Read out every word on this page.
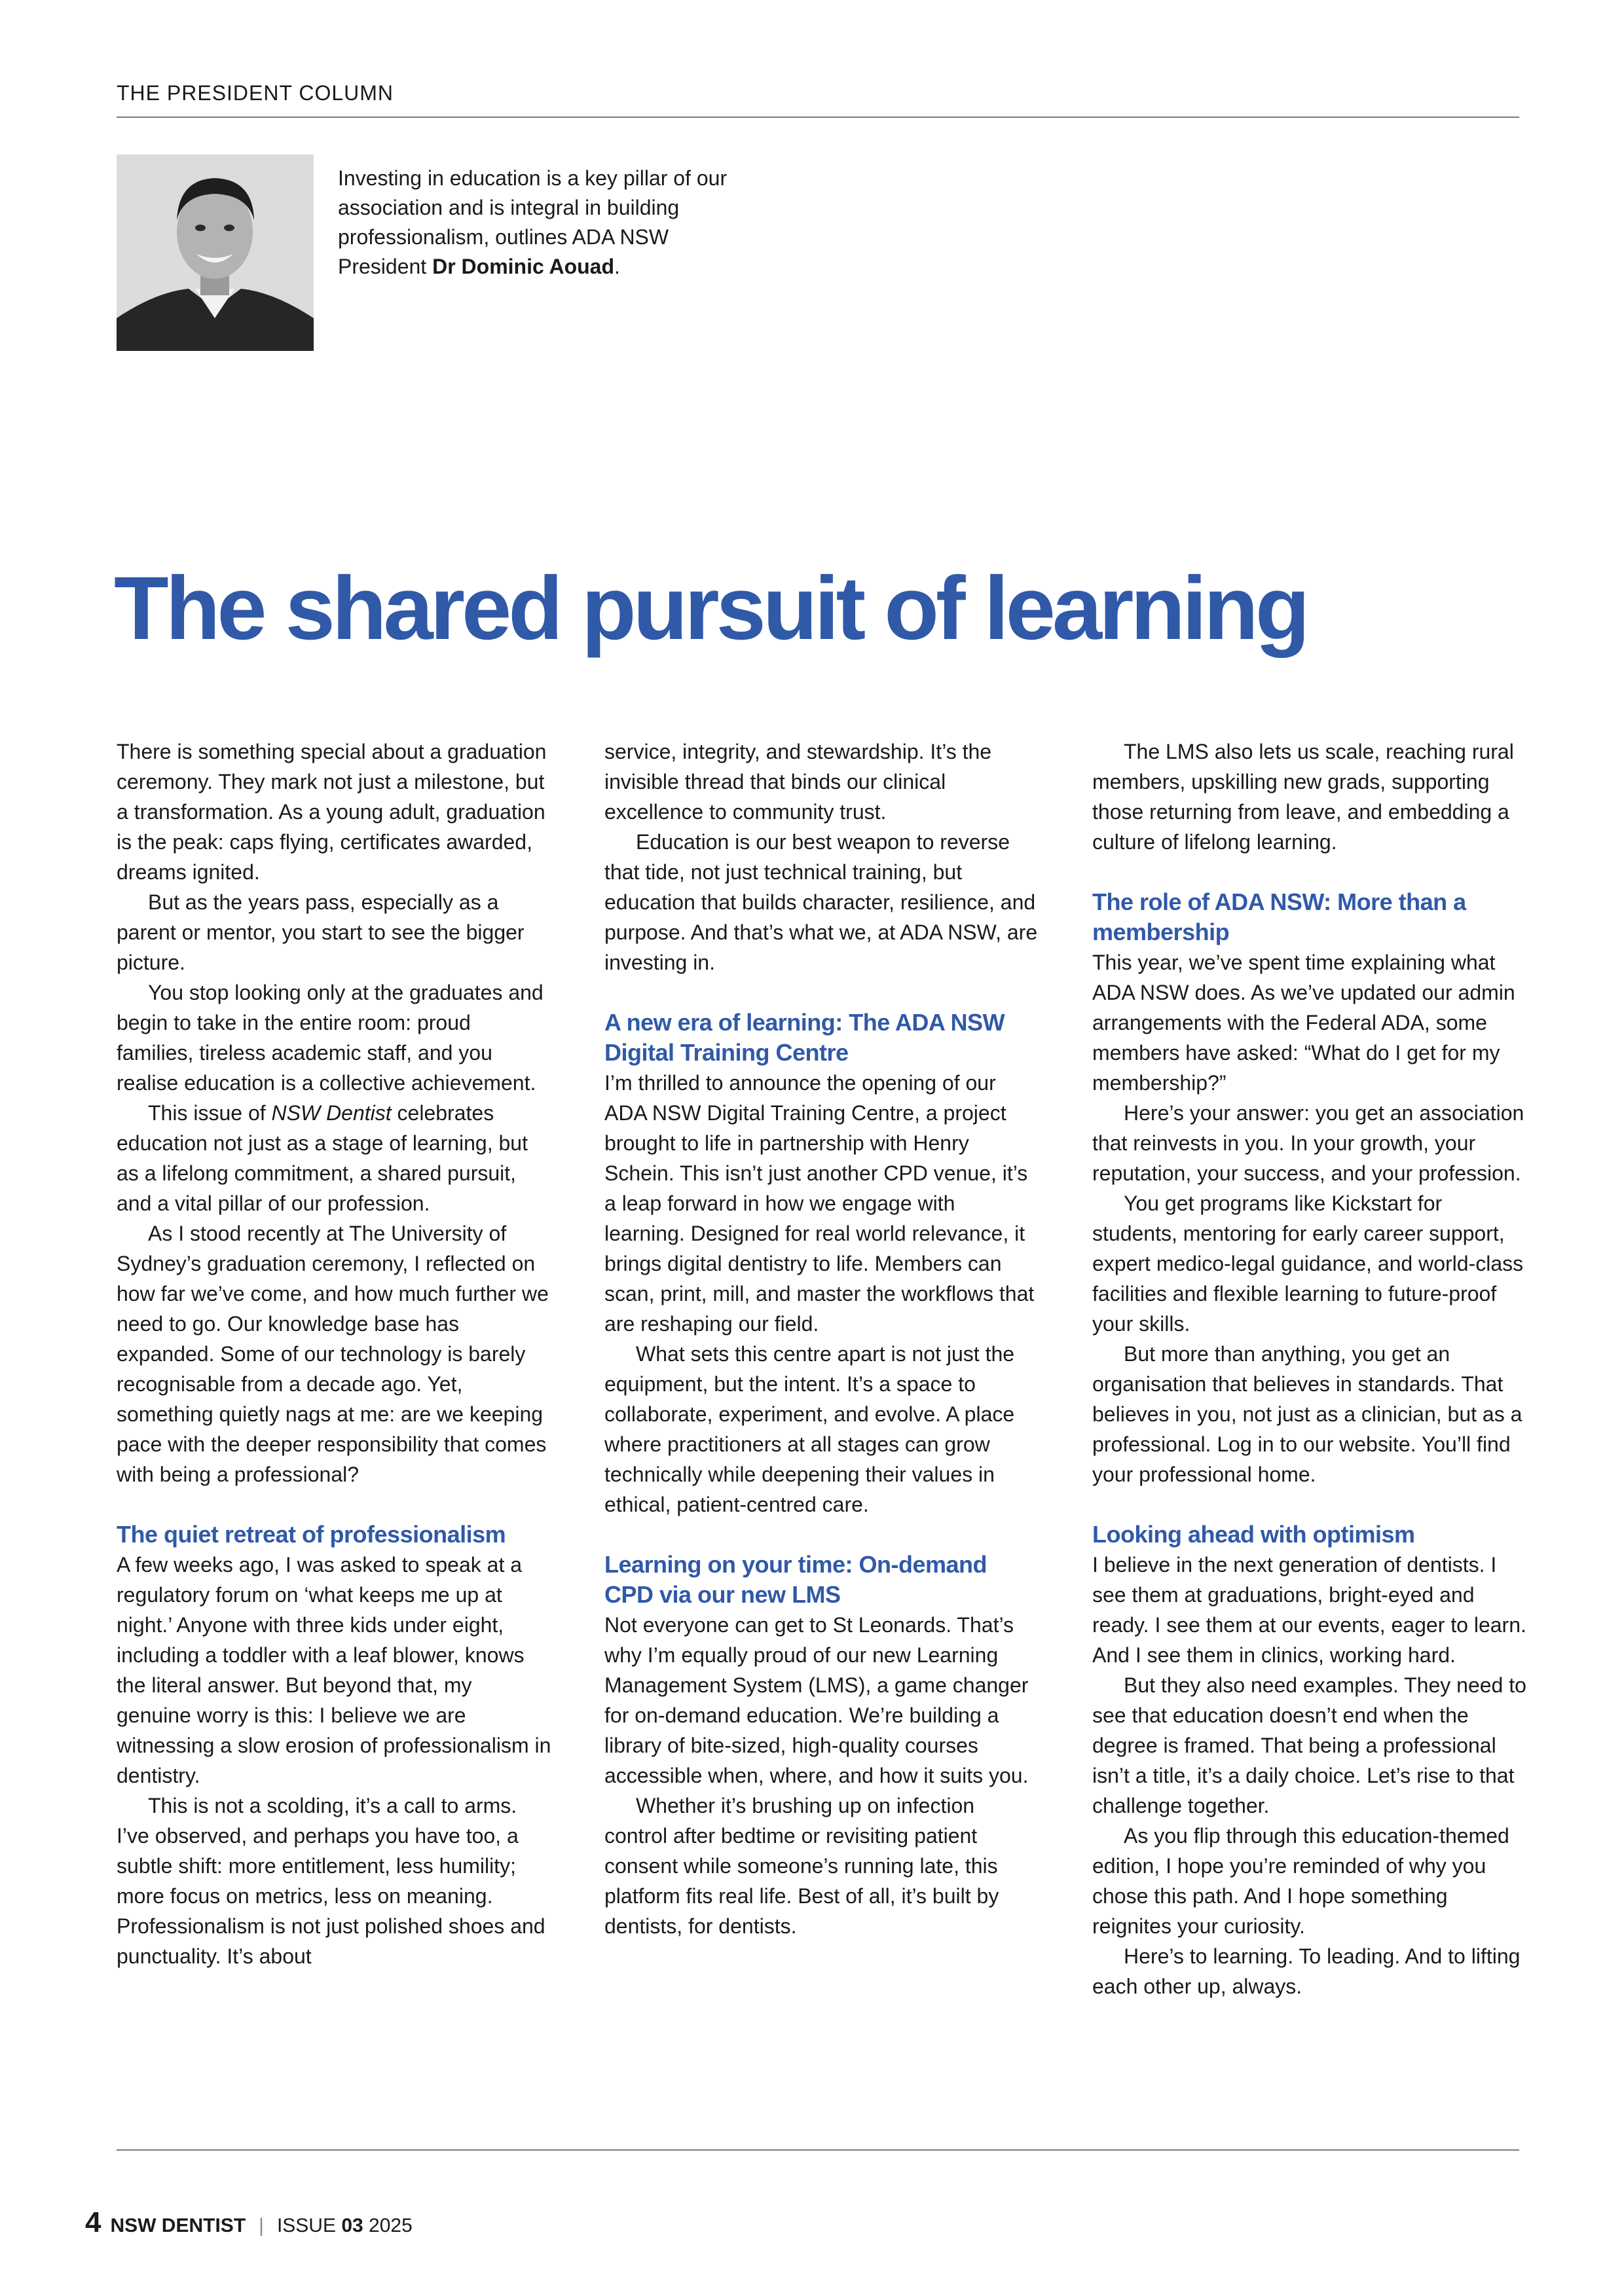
THE PRESIDENT COLUMN
Investing in education is a key pillar of our association and is integral in building professionalism, outlines ADA NSW President Dr Dominic Aouad.
The shared pursuit of learning

There is something special about a graduation ceremony. They mark not just a milestone, but a transformation. As a young adult, graduation is the peak: caps flying, certificates awarded, dreams ignited.

But as the years pass, especially as a parent or mentor, you start to see the bigger picture.

You stop looking only at the graduates and begin to take in the entire room: proud families, tireless academic staff, and you realise education is a collective achievement.

This issue of NSW Dentist celebrates education not just as a stage of learning, but as a lifelong commitment, a shared pursuit, and a vital pillar of our profession.

As I stood recently at The University of Sydney’s graduation ceremony, I reflected on how far we’ve come, and how much further we need to go. Our knowledge base has expanded. Some of our technology is barely recognisable from a decade ago. Yet, something quietly nags at me: are we keeping pace with the deeper responsibility that comes with being a professional?

The quiet retreat of professionalism

A few weeks ago, I was asked to speak at a regulatory forum on ‘what keeps me up at night.’ Anyone with three kids under eight, including a toddler with a leaf blower, knows the literal answer. But beyond that, my genuine worry is this: I believe we are witnessing a slow erosion of professionalism in dentistry.

This is not a scolding, it’s a call to arms. I’ve observed, and perhaps you have too, a subtle shift: more entitlement, less humility; more focus on metrics, less on meaning. Professionalism is not just polished shoes and punctuality. It’s about

service, integrity, and stewardship. It’s the invisible thread that binds our clinical excellence to community trust.

Education is our best weapon to reverse that tide, not just technical training, but education that builds character, resilience, and purpose. And that’s what we, at ADA NSW, are investing in.

A new era of learning: The ADA NSW Digital Training Centre

I’m thrilled to announce the opening of our ADA NSW Digital Training Centre, a project brought to life in partnership with Henry Schein. This isn’t just another CPD venue, it’s a leap forward in how we engage with learning. Designed for real world relevance, it brings digital dentistry to life. Members can scan, print, mill, and master the workflows that are reshaping our field.

What sets this centre apart is not just the equipment, but the intent. It’s a space to collaborate, experiment, and evolve. A place where practitioners at all stages can grow technically while deepening their values in ethical, patient-centred care.

Learning on your time: On-demand CPD via our new LMS

Not everyone can get to St Leonards. That’s why I’m equally proud of our new Learning Management System (LMS), a game changer for on-demand education. We’re building a library of bite-sized, high-quality courses accessible when, where, and how it suits you.

Whether it’s brushing up on infection control after bedtime or revisiting patient consent while someone’s running late, this platform fits real life. Best of all, it’s built by dentists, for dentists.

The LMS also lets us scale, reaching rural members, upskilling new grads, supporting those returning from leave, and embedding a culture of lifelong learning.

The role of ADA NSW: More than a membership

This year, we’ve spent time explaining what ADA NSW does. As we’ve updated our admin arrangements with the Federal ADA, some members have asked: “What do I get for my membership?”

Here’s your answer: you get an association that reinvests in you. In your growth, your reputation, your success, and your profession.

You get programs like Kickstart for students, mentoring for early career support, expert medico-legal guidance, and world-class facilities and flexible learning to future-proof your skills.

But more than anything, you get an organisation that believes in standards. That believes in you, not just as a clinician, but as a professional. Log in to our website. You’ll find your professional home.

Looking ahead with optimism

I believe in the next generation of dentists. I see them at graduations, bright-eyed and ready. I see them at our events, eager to learn. And I see them in clinics, working hard.

But they also need examples. They need to see that education doesn’t end when the degree is framed. That being a professional isn’t a title, it’s a daily choice. Let’s rise to that challenge together.

As you flip through this education-themed edition, I hope you’re reminded of why you chose this path. And I hope something reignites your curiosity.

Here’s to learning. To leading. And to lifting each other up, always.

4 NSW DENTIST | ISSUE 03 2025
